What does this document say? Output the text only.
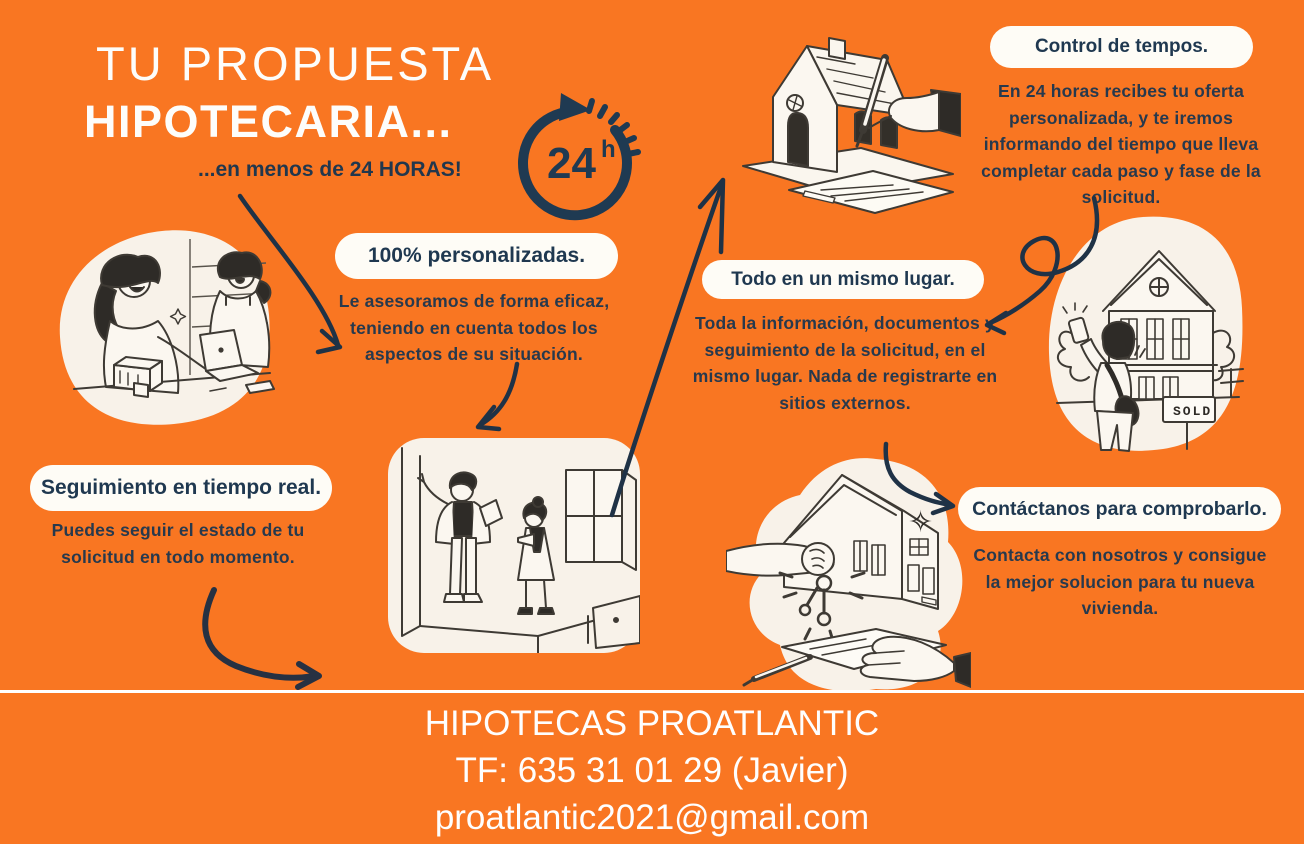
TU PROPUESTA
HIPOTECARIA...
...en menos de 24 HORAS! 24 h
100% personalizadas.
Seguimiento en tiempo real.
Control de tempos.
Todo en un mismo lugar.
Contáctanos para comprobarlo.
Le asesoramos de forma eficaz, teniendo en cuenta todos los aspectos de su situación.
Puedes seguir el estado de tu solicitud en todo momento.
En 24 horas recibes tu oferta personalizada, y te iremos informando del tiempo que lleva completar cada paso y fase de la solicitud.
Toda la información, documentos y seguimiento de la solicitud, en el mismo lugar. Nada de registrarte en sitios externos.
Contacta con nosotros y consigue la mejor solucion para tu nueva vivienda.
SOLD
✧
HIPOTECAS PROATLANTIC
TF: 635 31 01 29 (Javier)
proatlantic2021@gmail.com
